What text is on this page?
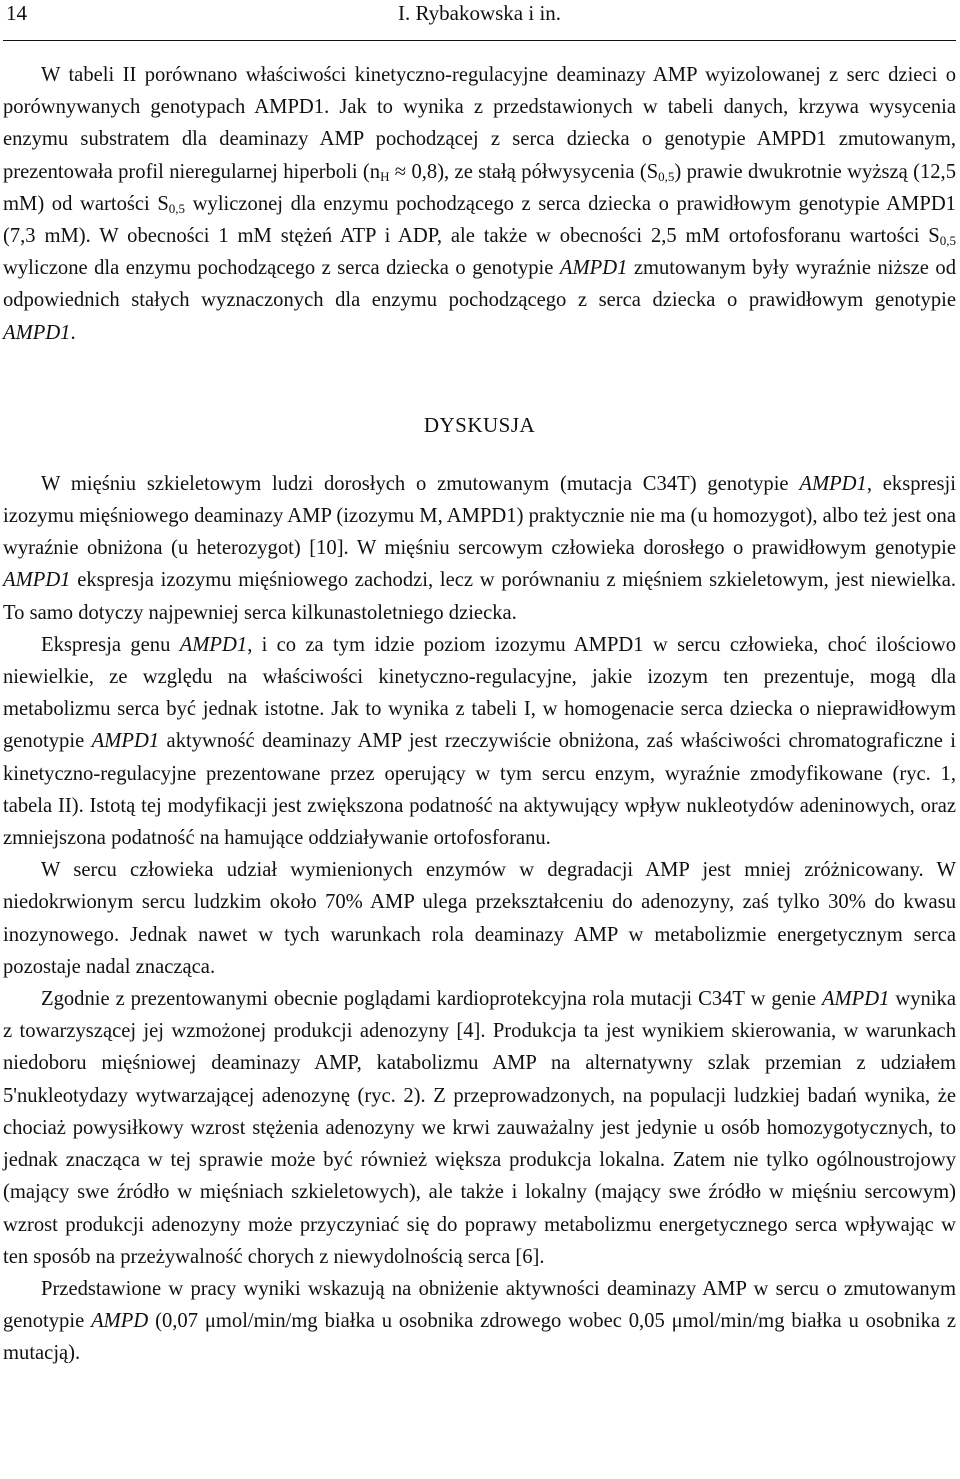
14	I. Rybakowska i in.

W tabeli II porównano właściwości kinetyczno-regulacyjne deaminazy AMP wyizolowanej z serc dzieci o porównywanych genotypach AMPD1. Jak to wynika z przedstawionych w tabeli danych, krzywa wysycenia enzymu substratem dla deaminazy AMP pochodzącej z serca dziecka o genotypie AMPD1 zmutowanym, prezentowała profil nieregularnej hiperboli $(n_H \approx 0,8)$, ze stałą półwysycenia $(S_{0,5})$ prawie dwukrotnie wyższą (12,5 mM) od wartości $S_{0,5}$ wyliczonej dla enzymu pochodzącego z serca dziecka o prawidłowym genotypie AMPD1 (7,3 mM). W obecności 1 mM stężeń ATP i ADP, ale także w obecności 2,5 mM ortofosforanu wartości $S_{0,5}$ wyliczone dla enzymu pochodzącego z serca dziecka o genotypie AMPD1 zmutowanym były wyraźnie niższe od odpowiednich stałych wyznaczonych dla enzymu pochodzącego z serca dziecka o prawidłowym genotypie AMPD1.

DYSKUSJA

W mięśniu szkieletowym ludzi dorosłych o zmutowanym (mutacja C34T) genotypie AMPD1, ekspresji izozymu mięśniowego deaminazy AMP (izozymu M, AMPD1) praktycznie nie ma (u homozygot), albo też jest ona wyraźnie obniżona (u heterozygot) [10]. W mięśniu sercowym człowieka dorosłego o prawidłowym genotypie AMPD1 ekspresja izozymu mięśniowego zachodzi, lecz w porównaniu z mięśniem szkieletowym, jest niewielka. To samo dotyczy najpewniej serca kilkunastoletniego dziecka.

Ekspresja genu AMPD1, i co za tym idzie poziom izozymu AMPD1 w sercu człowieka, choć ilościowo niewielkie, ze względu na właściwości kinetyczno-regulacyjne, jakie izozym ten prezentuje, mogą dla metabolizmu serca być jednak istotne. Jak to wynika z tabeli I, w homogenacie serca dziecka o nieprawidłowym genotypie AMPD1 aktywność deaminazy AMP jest rzeczywiście obniżona, zaś właściwości chromatograficzne i kinetyczno-regulacyjne prezentowane przez operujący w tym sercu enzym, wyraźnie zmodyfikowane (ryc. 1, tabela II). Istotą tej modyfikacji jest zwiększona podatność na aktywujący wpływ nukleotydów adeninowych, oraz zmniejszona podatność na hamujące oddziaływanie ortofosforanu.

W sercu człowieka udział wymienionych enzymów w degradacji AMP jest mniej zróżnicowany. W niedokrwionym sercu ludzkim około 70% AMP ulega przekształceniu do adenozyny, zaś tylko 30% do kwasu inozynowego. Jednak nawet w tych warunkach rola deaminazy AMP w metabolizmie energetycznym serca pozostaje nadal znacząca.

Zgodnie z prezentowanymi obecnie poglądami kardioprotekcyjna rola mutacji C34T w genie AMPD1 wynika z towarzyszącej jej wzmożonej produkcji adenozyny [4]. Produkcja ta jest wynikiem skierowania, w warunkach niedoboru mięśniowej deaminazy AMP, katabolizmu AMP na alternatywny szlak przemian z udziałem 5'nukleotydazy wytwarzającej adenozynę (ryc. 2). Z przeprowadzonych, na populacji ludzkiej badań wynika, że chociaż powysiłkowy wzrost stężenia adenozyny we krwi zauważalny jest jedynie u osób homozygotycznych, to jednak znacząca w tej sprawie może być również większa produkcja lokalna. Zatem nie tylko ogólnoustrojowy (mający swe źródło w mięśniach szkieletowych), ale także i lokalny (mający swe źródło w mięśniu sercowym) wzrost produkcji adenozyny może przyczyniać się do poprawy metabolizmu energetycznego serca wpływając w ten sposób na przeżywalność chorych z niewydolnością serca [6].

Przedstawione w pracy wyniki wskazują na obniżenie aktywności deaminazy AMP w sercu o zmutowanym genotypie AMPD (0,07 μmol/min/mg białka u osobnika zdrowego wobec 0,05 μmol/min/mg białka u osobnika z mutacją).
